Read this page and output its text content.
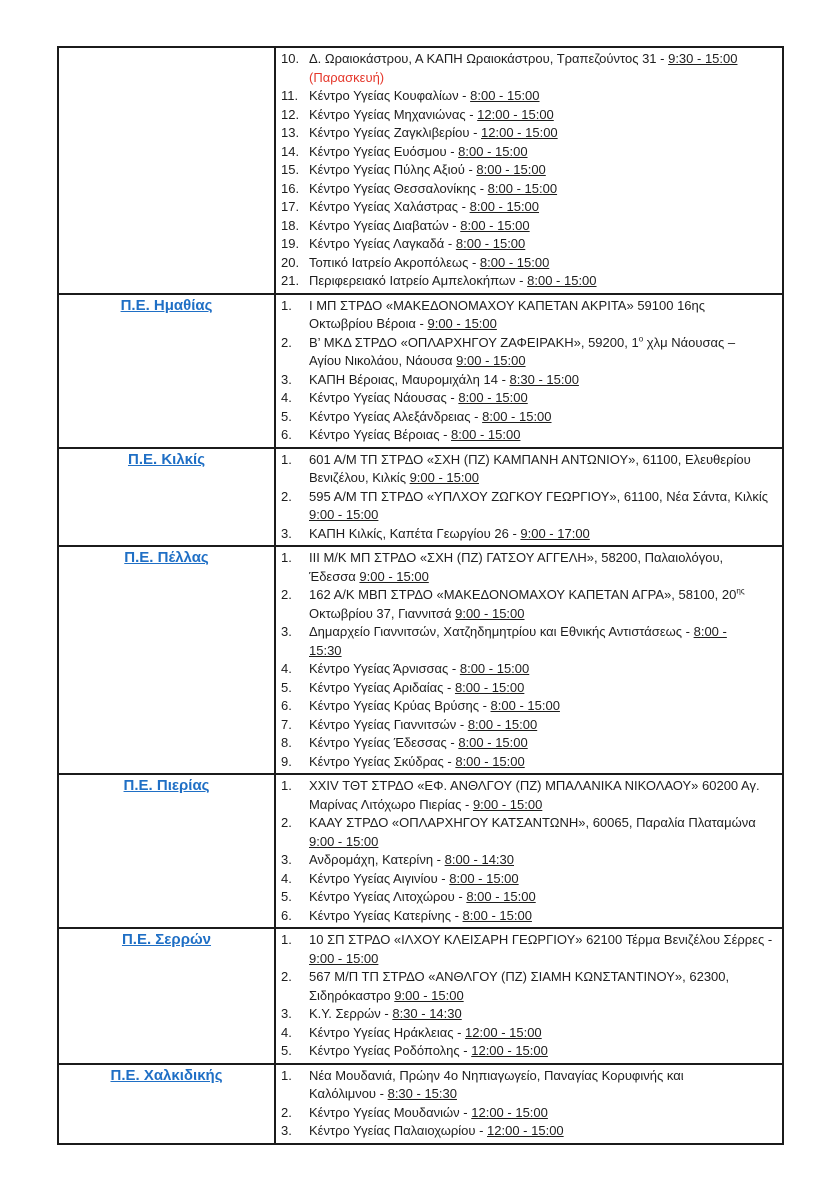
10. Δ. Ωραιοκάστρου, Α ΚΑΠΗ Ωραιοκάστρου, Τραπεζούντος 31 - 9:30 - 15:00
(Παρασκευή)
11. Κέντρο Υγείας Κουφαλίων - 8:00 - 15:00
12. Κέντρο Υγείας Μηχανιώνας - 12:00 - 15:00
13. Κέντρο Υγείας Ζαγκλιβερίου - 12:00 - 15:00
14. Κέντρο Υγείας Ευόσμου - 8:00 - 15:00
15. Κέντρο Υγείας Πύλης Αξιού - 8:00 - 15:00
16. Κέντρο Υγείας Θεσσαλονίκης - 8:00 - 15:00
17. Κέντρο Υγείας Χαλάστρας - 8:00 - 15:00
18. Κέντρο Υγείας Διαβατών - 8:00 - 15:00
19. Κέντρο Υγείας Λαγκαδά - 8:00 - 15:00
20. Τοπικό Ιατρείο Ακροπόλεως - 8:00 - 15:00
21. Περιφερειακό Ιατρείο Αμπελοκήπων - 8:00 - 15:00

Π.Ε. Ημαθίας	1. Ι ΜΠ ΣΤΡΔΟ «ΜΑΚΕΔΟΝΟΜΑΧΟΥ ΚΑΠΕΤΑΝ ΑΚΡΙΤΑ» 59100 16ης
Οκτωβρίου Βέροια - 9:00 - 15:00
2. Β’ ΜΚΔ ΣΤΡΔΟ «ΟΠΛΑΡΧΗΓΟΥ ΖΑΦΕΙΡΑΚΗ», 59200, $1^o$ χλμ Νάουσας –
Αγίου Νικολάου, Νάουσα 9:00 - 15:00
3. ΚΑΠΗ Βέροιας, Μαυρομιχάλη 14 - 8:30 - 15:00
4. Κέντρο Υγείας Νάουσας - 8:00 - 15:00
5. Κέντρο Υγείας Αλεξάνδρειας - 8:00 - 15:00
6. Κέντρο Υγείας Βέροιας - 8:00 - 15:00

Π.Ε. Κιλκίς	1. 601 Α/Μ ΤΠ ΣΤΡΔΟ «ΣΧΗ (ΠΖ) ΚΑΜΠΑΝΗ ΑΝΤΩΝΙΟΥ», 61100, Ελευθερίου
Βενιζέλου, Κιλκίς 9:00 - 15:00
2. 595 Α/Μ ΤΠ ΣΤΡΔΟ «ΥΠΛΧΟΥ ΖΩΓΚΟΥ ΓΕΩΡΓΙΟΥ», 61100, Νέα Σάντα, Κιλκίς
9:00 - 15:00
3. ΚΑΠΗ Κιλκίς, Καπέτα Γεωργίου 26 - 9:00 - 17:00

Π.Ε. Πέλλας	1. ΙΙΙ Μ/Κ ΜΠ ΣΤΡΔΟ «ΣΧΗ (ΠΖ) ΓΑΤΣΟΥ ΑΓΓΕΛΗ», 58200, Παλαιολόγου,
Έδεσσα 9:00 - 15:00
2. 162 Α/Κ ΜΒΠ ΣΤΡΔΟ «ΜΑΚΕΔΟΝΟΜΑΧΟΥ ΚΑΠΕΤΑΝ ΑΓΡΑ», 58100, $20^{\eta\varsigma}$
Οκτωβρίου 37, Γιαννιτσά 9:00 - 15:00
3. Δημαρχείο Γιαννιτσών, Χατζηδημητρίου και Εθνικής Αντιστάσεως - 8:00 -
15:30
4. Κέντρο Υγείας Άρνισσας - 8:00 - 15:00
5. Κέντρο Υγείας Αριδαίας - 8:00 - 15:00
6. Κέντρο Υγείας Κρύας Βρύσης - 8:00 - 15:00
7. Κέντρο Υγείας Γιαννιτσών - 8:00 - 15:00
8. Κέντρο Υγείας Έδεσσας - 8:00 - 15:00
9. Κέντρο Υγείας Σκύδρας - 8:00 - 15:00

Π.Ε. Πιερίας	1. XXIV ΤΘΤ ΣΤΡΔΟ «ΕΦ. ΑΝΘΛΓΟΥ (ΠΖ) ΜΠΑΛΑΝΙΚΑ ΝΙΚΟΛΑΟΥ» 60200 Αγ.
Μαρίνας Λιτόχωρο Πιερίας - 9:00 - 15:00
2. ΚΑΑΥ ΣΤΡΔΟ «ΟΠΛΑΡΧΗΓΟΥ ΚΑΤΣΑΝΤΩΝΗ», 60065, Παραλία Πλαταμώνα
9:00 - 15:00
3. Ανδρομάχη, Κατερίνη - 8:00 - 14:30
4. Κέντρο Υγείας Αιγινίου - 8:00 - 15:00
5. Κέντρο Υγείας Λιτοχώρου - 8:00 - 15:00
6. Κέντρο Υγείας Κατερίνης - 8:00 - 15:00

Π.Ε. Σερρών	1. 10 ΣΠ ΣΤΡΔΟ «ΙΛΧΟΥ ΚΛΕΙΣΑΡΗ ΓΕΩΡΓΙΟΥ» 62100 Τέρμα Βενιζέλου Σέρρες -
9:00 - 15:00
2. 567 Μ/Π ΤΠ ΣΤΡΔΟ «ΑΝΘΛΓΟΥ (ΠΖ) ΣΙΑΜΗ ΚΩΝΣΤΑΝΤΙΝΟΥ», 62300,
Σιδηρόκαστρο 9:00 - 15:00
3. Κ.Υ. Σερρών - 8:30 - 14:30
4. Κέντρο Υγείας Ηράκλειας - 12:00 - 15:00
5. Κέντρο Υγείας Ροδόπολης - 12:00 - 15:00

Π.Ε. Χαλκιδικής	1. Νέα Μουδανιά, Πρώην 4ο Νηπιαγωγείο, Παναγίας Κορυφινής και
Καλόλιμνου - 8:30 - 15:30
2. Κέντρο Υγείας Μουδανιών - 12:00 - 15:00
3. Κέντρο Υγείας Παλαιοχωρίου - 12:00 - 15:00
